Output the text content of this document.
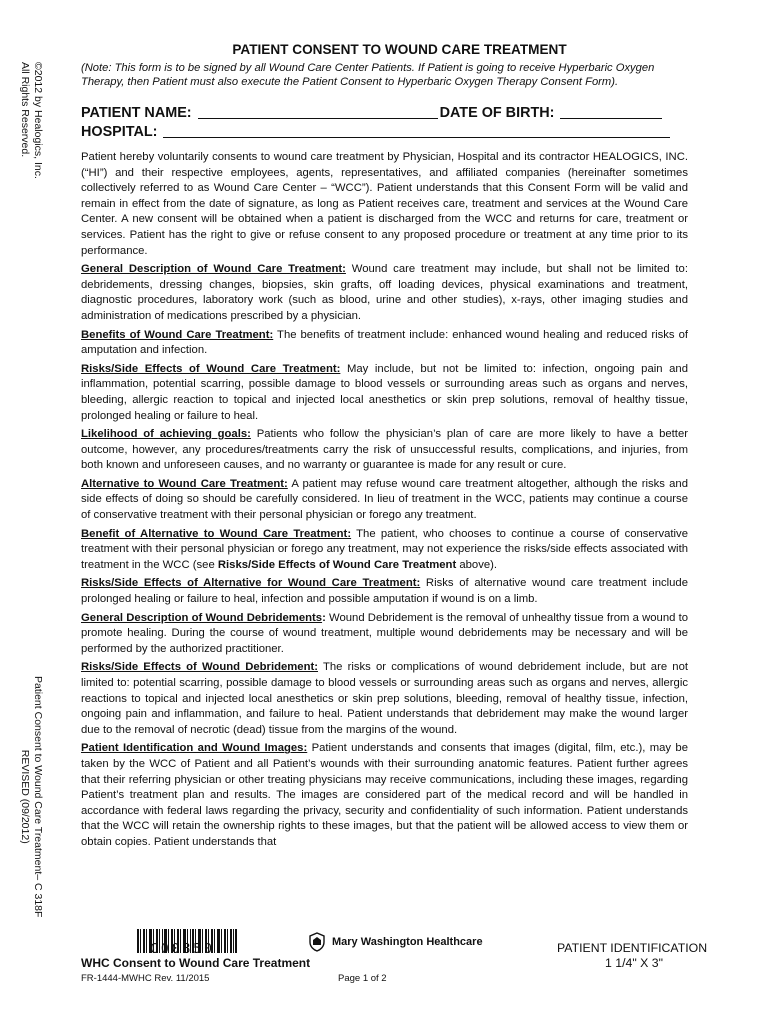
©2012 by Healogics, Inc.
All Rights Reserved.
Patient Consent to Wound Care Treatment– C 318F
REVISED (09/2012)
PATIENT CONSENT TO WOUND CARE TREATMENT
(Note: This form is to be signed by all Wound Care Center Patients. If Patient is going to receive Hyperbaric Oxygen Therapy, then Patient must also execute the Patient Consent to Hyperbaric Oxygen Therapy Consent Form).
PATIENT NAME:	DATE OF BIRTH:
HOSPITAL:

Patient hereby voluntarily consents to wound care treatment by Physician, Hospital and its contractor HEALOGICS, INC. (“HI”) and their respective employees, agents, representatives, and affiliated companies (hereinafter sometimes collectively referred to as Wound Care Center – “WCC”). Patient understands that this Consent Form will be valid and remain in effect from the date of signature, as long as Patient receives care, treatment and services at the Wound Care Center. A new consent will be obtained when a patient is discharged from the WCC and returns for care, treatment or services. Patient has the right to give or refuse consent to any proposed procedure or treatment at any time prior to its performance.

General Description of Wound Care Treatment: Wound care treatment may include, but shall not be limited to: debridements, dressing changes, biopsies, skin grafts, off loading devices, physical examinations and treatment, diagnostic procedures, laboratory work (such as blood, urine and other studies), x-rays, other imaging studies and administration of medications prescribed by a physician.

Benefits of Wound Care Treatment: The benefits of treatment include: enhanced wound healing and reduced risks of amputation and infection.

Risks/Side Effects of Wound Care Treatment: May include, but not be limited to: infection, ongoing pain and inflammation, potential scarring, possible damage to blood vessels or surrounding areas such as organs and nerves, bleeding, allergic reaction to topical and injected local anesthetics or skin prep solutions, removal of healthy tissue, prolonged healing or failure to heal.

Likelihood of achieving goals: Patients who follow the physician’s plan of care are more likely to have a better outcome, however, any procedures/treatments carry the risk of unsuccessful results, complications, and injuries, from both known and unforeseen causes, and no warranty or guarantee is made for any result or cure.

Alternative to Wound Care Treatment: A patient may refuse wound care treatment altogether, although the risks and side effects of doing so should be carefully considered. In lieu of treatment in the WCC, patients may continue a course of conservative treatment with their personal physician or forego any treatment.

Benefit of Alternative to Wound Care Treatment: The patient, who chooses to continue a course of conservative treatment with their personal physician or forego any treatment, may not experience the risks/side effects associated with treatment in the WCC (see Risks/Side Effects of Wound Care Treatment above).

Risks/Side Effects of Alternative for Wound Care Treatment: Risks of alternative wound care treatment include prolonged healing or failure to heal, infection and possible amputation if wound is on a limb.

General Description of Wound Debridements: Wound Debridement is the removal of unhealthy tissue from a wound to promote healing. During the course of wound treatment, multiple wound debridements may be necessary and will be performed by the authorized practitioner.

Risks/Side Effects of Wound Debridement: The risks or complications of wound debridement include, but are not limited to: potential scarring, possible damage to blood vessels or surrounding areas such as organs and nerves, allergic reactions to topical and injected local anesthetics or skin prep solutions, bleeding, removal of healthy tissue, infection, ongoing pain and inflammation, and failure to heal. Patient understands that debridement may make the wound larger due to the removal of necrotic (dead) tissue from the margins of the wound.

Patient Identification and Wound Images: Patient understands and consents that images (digital, film, etc.), may be taken by the WCC of Patient and all Patient’s wounds with their surrounding anatomic features. Patient further agrees that their referring physician or other treating physicians may receive communications, including these images, regarding Patient’s treatment plan and results. The images are considered part of the medical record and will be handled in accordance with federal laws regarding the privacy, security and confidentiality of such information. Patient understands that the WCC will retain the ownership rights to these images, but that the patient will be allowed access to view them or obtain copies. Patient understands that

C00850	Mary Washington Healthcare	PATIENT IDENTIFICATION
1 1/4" X 3"
WHC Consent to Wound Care Treatment
FR-1444-MWHC Rev. 11/2015	Page 1 of 2
